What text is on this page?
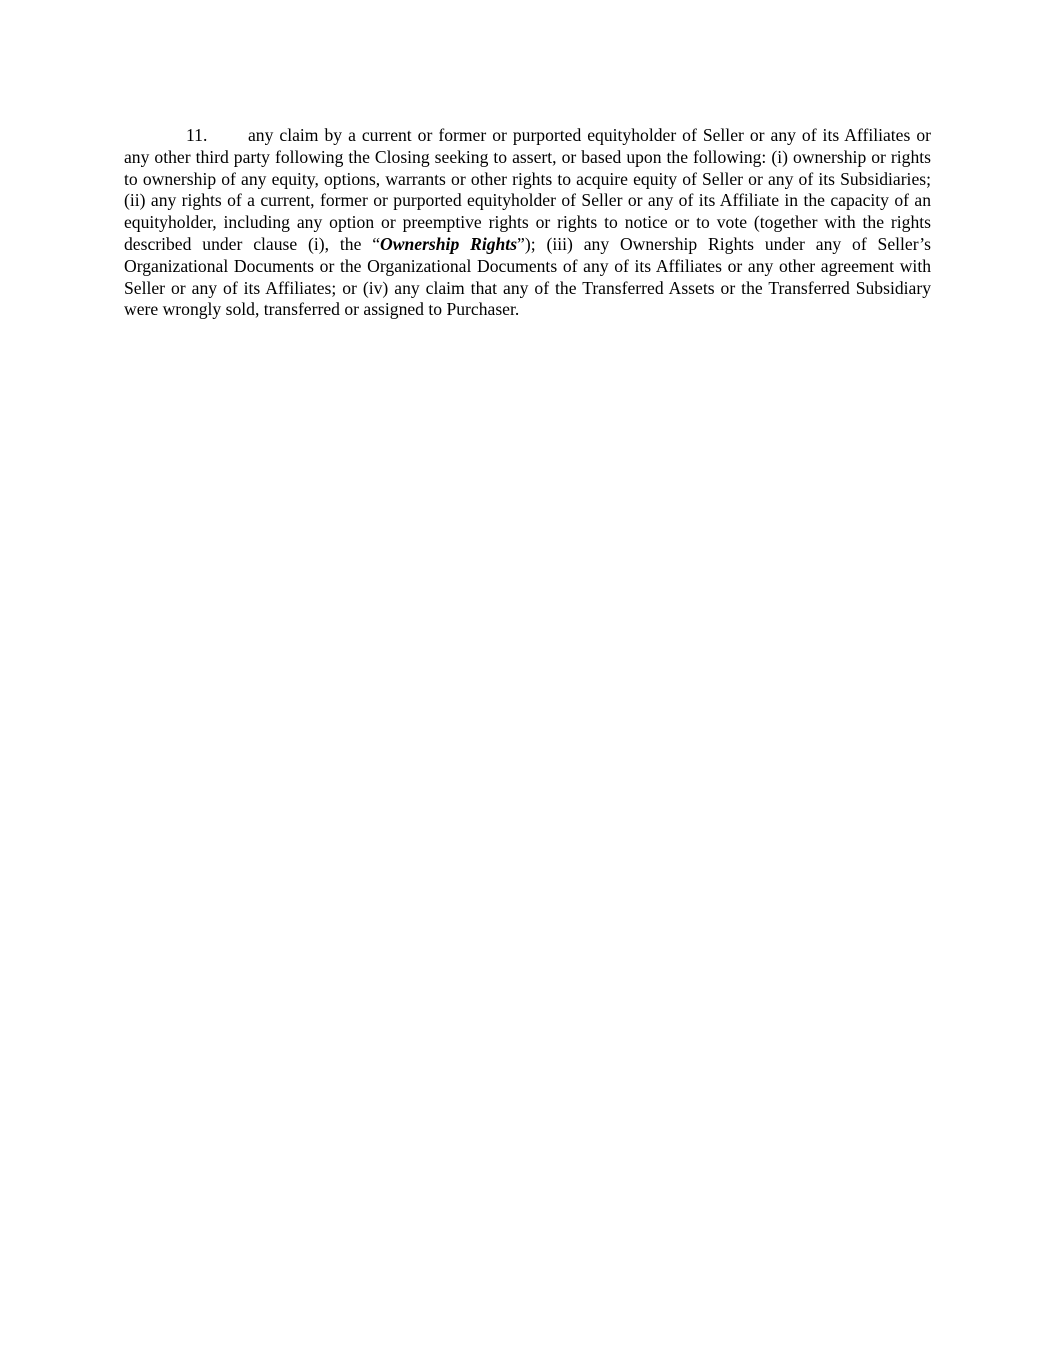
11. any claim by a current or former or purported equityholder of Seller or any of its Affiliates or any other third party following the Closing seeking to assert, or based upon the following: (i) ownership or rights to ownership of any equity, options, warrants or other rights to acquire equity of Seller or any of its Subsidiaries; (ii) any rights of a current, former or purported equityholder of Seller or any of its Affiliate in the capacity of an equityholder, including any option or preemptive rights or rights to notice or to vote (together with the rights described under clause (i), the “Ownership Rights”); (iii) any Ownership Rights under any of Seller’s Organizational Documents or the Organizational Documents of any of its Affiliates or any other agreement with Seller or any of its Affiliates; or (iv) any claim that any of the Transferred Assets or the Transferred Subsidiary were wrongly sold, transferred or assigned to Purchaser.
